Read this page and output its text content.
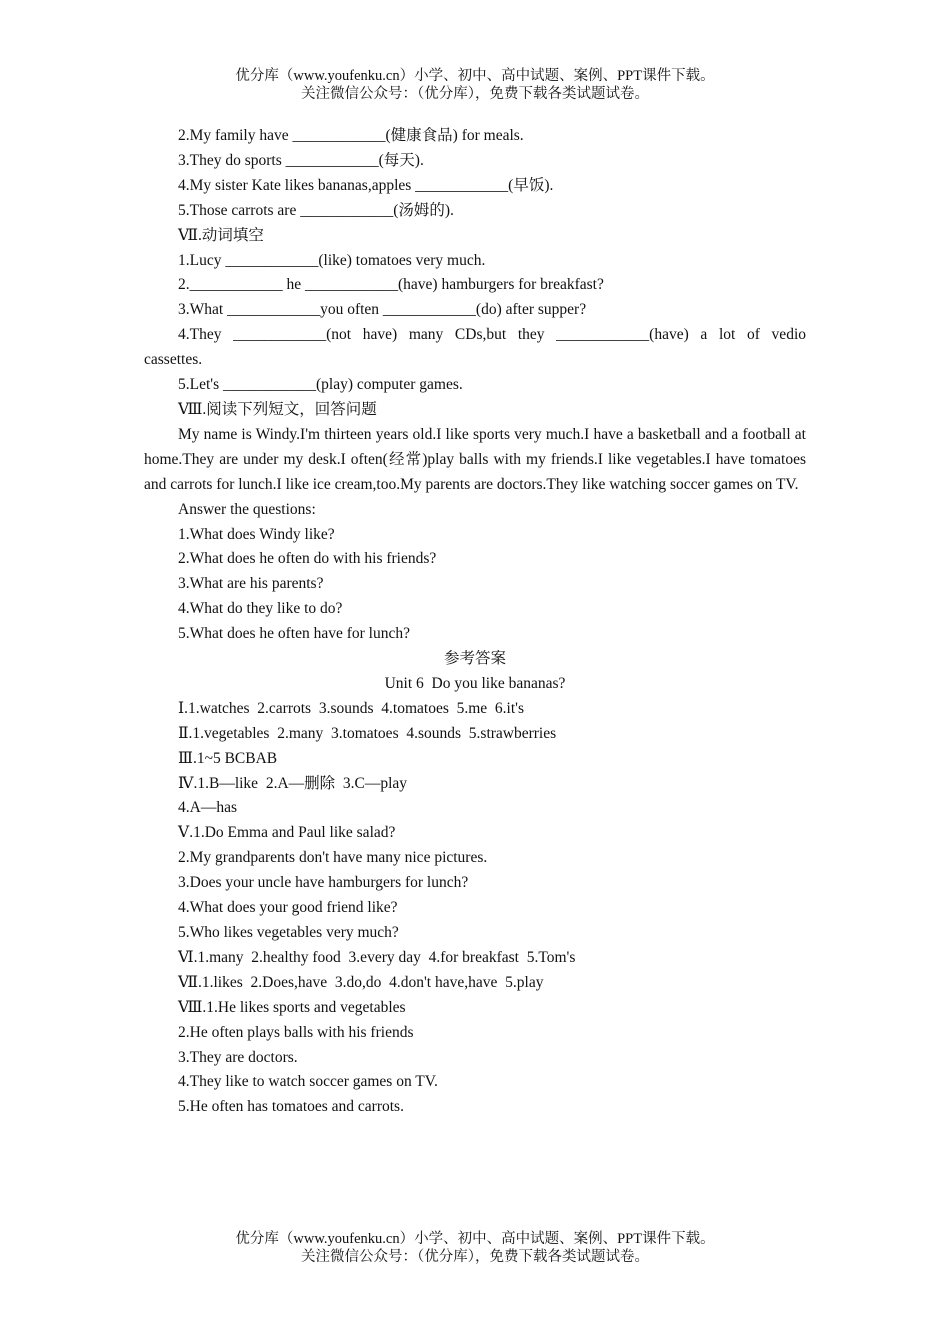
优分库（www.youfenku.cn）小学、初中、高中试题、案例、PPT课件下载。
关注微信公众号：（优分库），免费下载各类试题试卷。
2.My family have ____________(健康食品) for meals.
3.They do sports ____________(每天).
4.My sister Kate likes bananas,apples ____________(早饭).
5.Those carrots are ____________(汤姆的).
Ⅶ.动词填空
1.Lucy ____________(like) tomatoes very much.
2.____________ he ____________(have) hamburgers for breakfast?
3.What ____________you often ____________(do) after supper?
4.They ____________(not have) many CDs,but they ____________(have) a lot of vedio cassettes.
5.Let's ____________(play) computer games.
Ⅷ.阅读下列短文，回答问题
My name is Windy.I'm thirteen years old.I like sports very much.I have a basketball and a football at home.They are under my desk.I often(经常)play balls with my friends.I like vegetables.I have tomatoes and carrots for lunch.I like ice cream,too.My parents are doctors.They like watching soccer games on TV.
Answer the questions:
1.What does Windy like?
2.What does he often do with his friends?
3.What are his parents?
4.What do they like to do?
5.What does he often have for lunch?
参考答案
Unit 6  Do you like bananas?
Ⅰ.1.watches  2.carrots  3.sounds  4.tomatoes  5.me  6.it's
Ⅱ.1.vegetables  2.many  3.tomatoes  4.sounds  5.strawberries
Ⅲ.1~5 BCBAB
Ⅳ.1.B—like  2.A—删除  3.C—play
4.A—has
Ⅴ.1.Do Emma and Paul like salad?
2.My grandparents don't have many nice pictures.
3.Does your uncle have hamburgers for lunch?
4.What does your good friend like?
5.Who likes vegetables very much?
Ⅵ.1.many  2.healthy food  3.every day  4.for breakfast  5.Tom's
Ⅶ.1.likes  2.Does,have  3.do,do  4.don't have,have  5.play
Ⅷ.1.He likes sports and vegetables
2.He often plays balls with his friends
3.They are doctors.
4.They like to watch soccer games on TV.
5.He often has tomatoes and carrots.
优分库（www.youfenku.cn）小学、初中、高中试题、案例、PPT课件下载。
关注微信公众号：（优分库），免费下载各类试题试卷。
